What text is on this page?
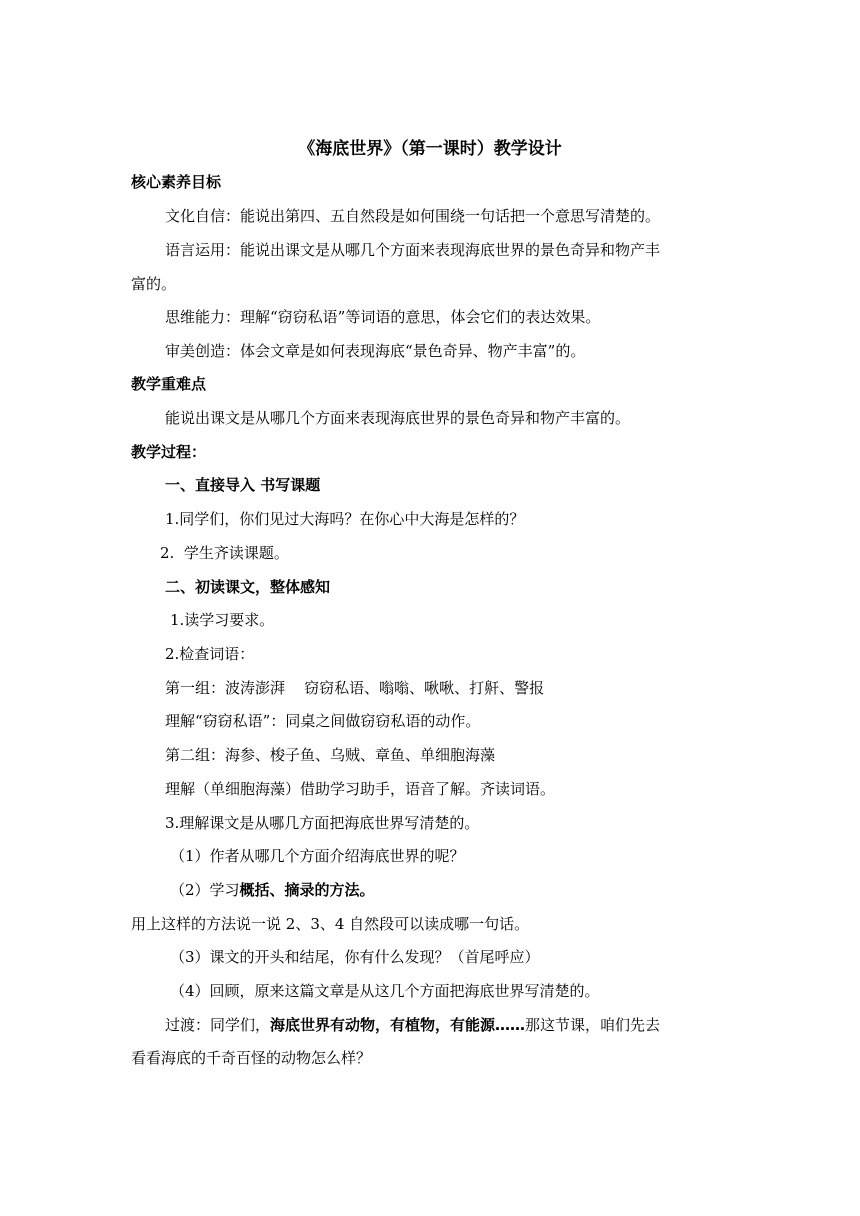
《海底世界》（第一课时）教学设计
核心素养目标
文化自信：能说出第四、五自然段是如何围绕一句话把一个意思写清楚的。
语言运用：能说出课文是从哪几个方面来表现海底世界的景色奇异和物产丰
富的。
思维能力：理解“窃窃私语”等词语的意思，体会它们的表达效果。
审美创造：体会文章是如何表现海底“景色奇异、物产丰富”的。
教学重难点
能说出课文是从哪几个方面来表现海底世界的景色奇异和物产丰富的。
教学过程：
一、直接导入 书写课题
1.同学们，你们见过大海吗？在你心中大海是怎样的？
2.  学生齐读课题。
二、初读课文，整体感知
1.读学习要求。
2.检查词语：
第一组：波涛澎湃    窃窃私语、嗡嗡、啾啾、打鼾、警报
理解“窃窃私语”：同桌之间做窃窃私语的动作。
第二组：海参、梭子鱼、乌贼、章鱼、单细胞海藻
理解（单细胞海藻）借助学习助手，语音了解。齐读词语。
3.理解课文是从哪几方面把海底世界写清楚的。
（1）作者从哪几个方面介绍海底世界的呢？
（2）学习概括、摘录的方法。
用上这样的方法说一说 2、3、4 自然段可以读成哪一句话。
（3）课文的开头和结尾，你有什么发现？（首尾呼应）
（4）回顾，原来这篇文章是从这几个方面把海底世界写清楚的。
过渡：同学们，海底世界有动物，有植物，有能源……那这节课，咱们先去
看看海底的千奇百怪的动物怎么样？
